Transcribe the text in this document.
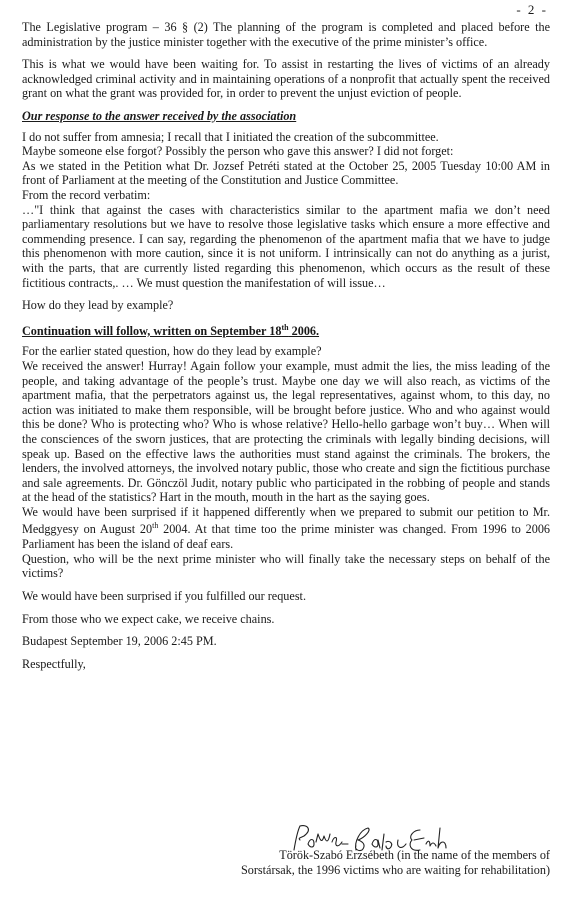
- 2 -

The Legislative program – 36 § (2) The planning of the program is completed and placed before the administration by the justice minister together with the executive of the prime minister’s office.

This is what we would have been waiting for. To assist in restarting the lives of victims of an already acknowledged criminal activity and in maintaining operations of a nonprofit that actually spent the received grant on what the grant was provided for, in order to prevent the unjust eviction of people.

Our response to the answer received by the association

I do not suffer from amnesia; I recall that I initiated the creation of the subcommittee.

Maybe someone else forgot? Possibly the person who gave this answer? I did not forget:

As we stated in the Petition what Dr. Jozsef Petréti stated at the October 25, 2005 Tuesday 10:00 AM in front of Parliament at the meeting of the Constitution and Justice Committee.

From the record verbatim:

…"I think that against the cases with characteristics similar to the apartment mafia we don’t need parliamentary resolutions but we have to resolve those legislative tasks which ensure a more effective and commending presence. I can say, regarding the phenomenon of the apartment mafia that we have to judge this phenomenon with more caution, since it is not uniform. I intrinsically can not do anything as a jurist, with the parts, that are currently listed regarding this phenomenon, which occurs as the result of these fictitious contracts,. … We must question the manifestation of will issue…

How do they lead by example?

Continuation will follow, written on September 18th 2006.

For the earlier stated question, how do they lead by example?

We received the answer! Hurray! Again follow your example, must admit the lies, the miss leading of the people, and taking advantage of the people’s trust. Maybe one day we will also reach, as victims of the apartment mafia, that the perpetrators against us, the legal representatives, against whom, to this day, no action was initiated to make them responsible, will be brought before justice. Who and who against would this be done? Who is protecting who? Who is whose relative? Hello-hello garbage won’t buy… When will the consciences of the sworn justices, that are protecting the criminals with legally binding decisions, will speak up. Based on the effective laws the authorities must stand against the criminals. The brokers, the lenders, the involved attorneys, the involved notary public, those who create and sign the fictitious purchase and sale agreements. Dr. Gönczöl Judit, notary public who participated in the robbing of people and stands at the head of the statistics? Hart in the mouth, mouth in the hart as the saying goes.

We would have been surprised if it happened differently when we prepared to submit our petition to Mr. Medggyesy on August 20th 2004. At that time too the prime minister was changed. From 1996 to 2006 Parliament has been the island of deaf ears.

Question, who will be the next prime minister who will finally take the necessary steps on behalf of the victims?

We would have been surprised if you fulfilled our request.

From those who we expect cake, we receive chains.

Budapest September 19, 2006 2:45 PM.

Respectfully,

Török-Szabó Erzsébeth (in the name of the members of
Sorstársak, the 1996 victims who are waiting for rehabilitation)
